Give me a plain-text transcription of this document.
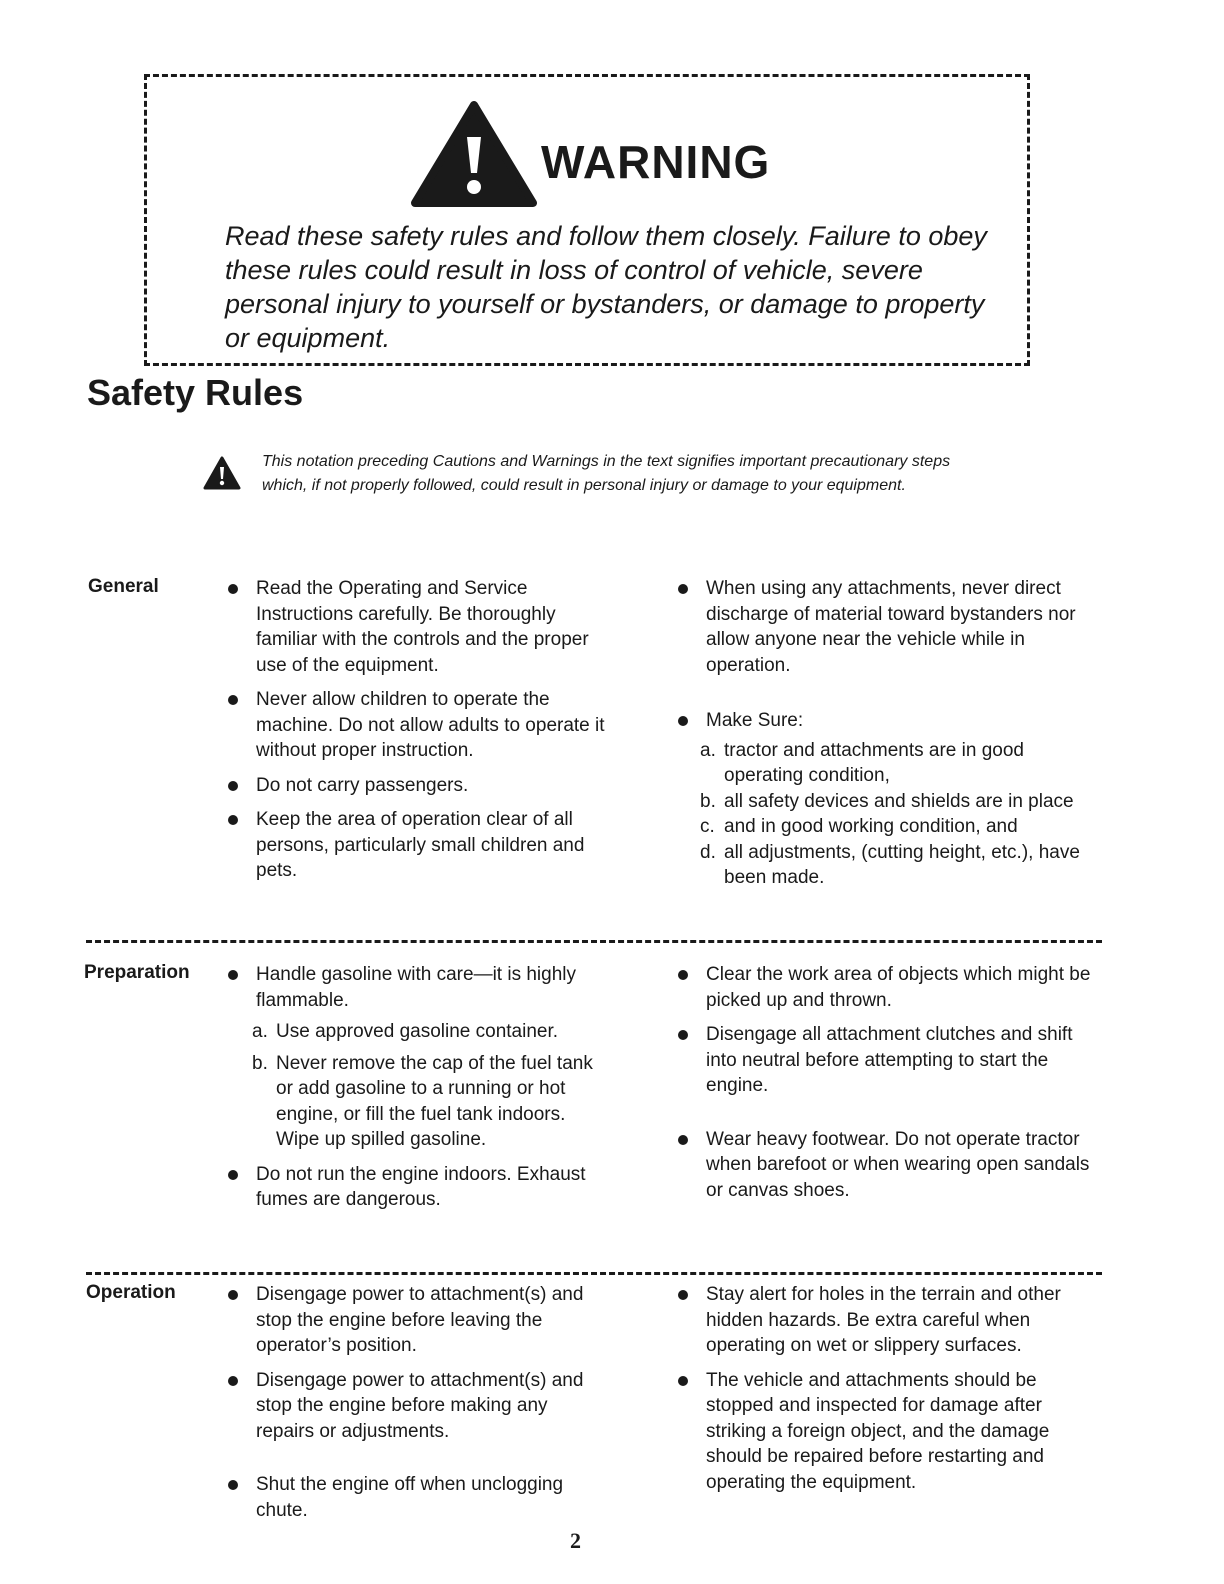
WARNING
Read these safety rules and follow them closely. Failure to obey these rules could result in loss of control of vehicle, severe personal injury to yourself or bystanders, or damage to property or equipment.
Safety Rules
This notation preceding Cautions and Warnings in the text signifies important precautionary steps which, if not properly followed, could result in personal injury or damage to your equipment.
General	Read the Operating and Service Instructions carefully. Be thoroughly familiar with the controls and the proper use of the equipment.
Never allow children to operate the machine. Do not allow adults to operate it without proper instruction.
Do not carry passengers.
Keep the area of operation clear of all persons, particularly small children and pets.
When using any attachments, never direct discharge of material toward bystanders nor allow anyone near the vehicle while in operation.
Make Sure:
a. tractor and attachments are in good operating condition,
b. all safety devices and shields are in place
c. and in good working condition, and
d. all adjustments, (cutting height, etc.), have been made.
Preparation	Handle gasoline with care—it is highly flammable.
a. Use approved gasoline container.
b. Never remove the cap of the fuel tank or add gasoline to a running or hot engine, or fill the fuel tank indoors. Wipe up spilled gasoline.
Do not run the engine indoors. Exhaust fumes are dangerous.
Clear the work area of objects which might be picked up and thrown.
Disengage all attachment clutches and shift into neutral before attempting to start the engine.
Wear heavy footwear. Do not operate tractor when barefoot or when wearing open sandals or canvas shoes.
Operation	Disengage power to attachment(s) and stop the engine before leaving the operator’s position.
Disengage power to attachment(s) and stop the engine before making any repairs or adjustments.
Shut the engine off when unclogging chute.
Stay alert for holes in the terrain and other hidden hazards. Be extra careful when operating on wet or slippery surfaces.
The vehicle and attachments should be stopped and inspected for damage after striking a foreign object, and the damage should be repaired before restarting and operating the equipment.
2
